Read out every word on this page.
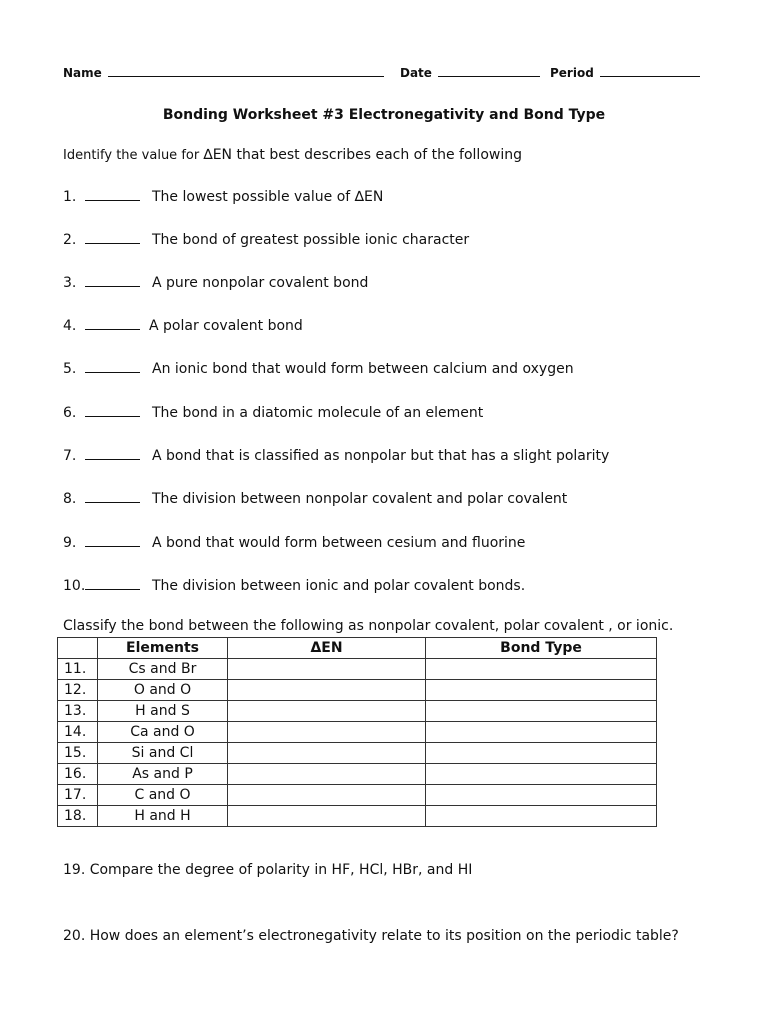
Name	Date	Period
Bonding Worksheet #3 Electronegativity and Bond Type
Identify the value for ∆EN that best describes each of the following
1.	The lowest possible value of ∆EN
2.	The bond of greatest possible ionic character
3.	A pure nonpolar covalent bond
4.	A polar covalent bond
5.	An ionic bond that would form between calcium and oxygen
6.	The bond in a diatomic molecule of an element
7.	A bond that is classified as nonpolar but that has a slight polarity
8.	The division between nonpolar covalent and polar covalent
9.	A bond that would form between cesium and fluorine
10.	The division between ionic and polar covalent bonds.
Classify the bond between the following as nonpolar covalent, polar covalent , or ionic.
	Elements	ΔEN	Bond Type
11.	Cs and Br		
12.	O and O		
13.	H and S		
14.	Ca and O		
15.	Si and Cl		
16.	As and P		
17.	C and O		
18.	H and H		
19. Compare the degree of polarity in HF, HCl, HBr, and HI
20. How does an element’s electronegativity relate to its position on the periodic table?
